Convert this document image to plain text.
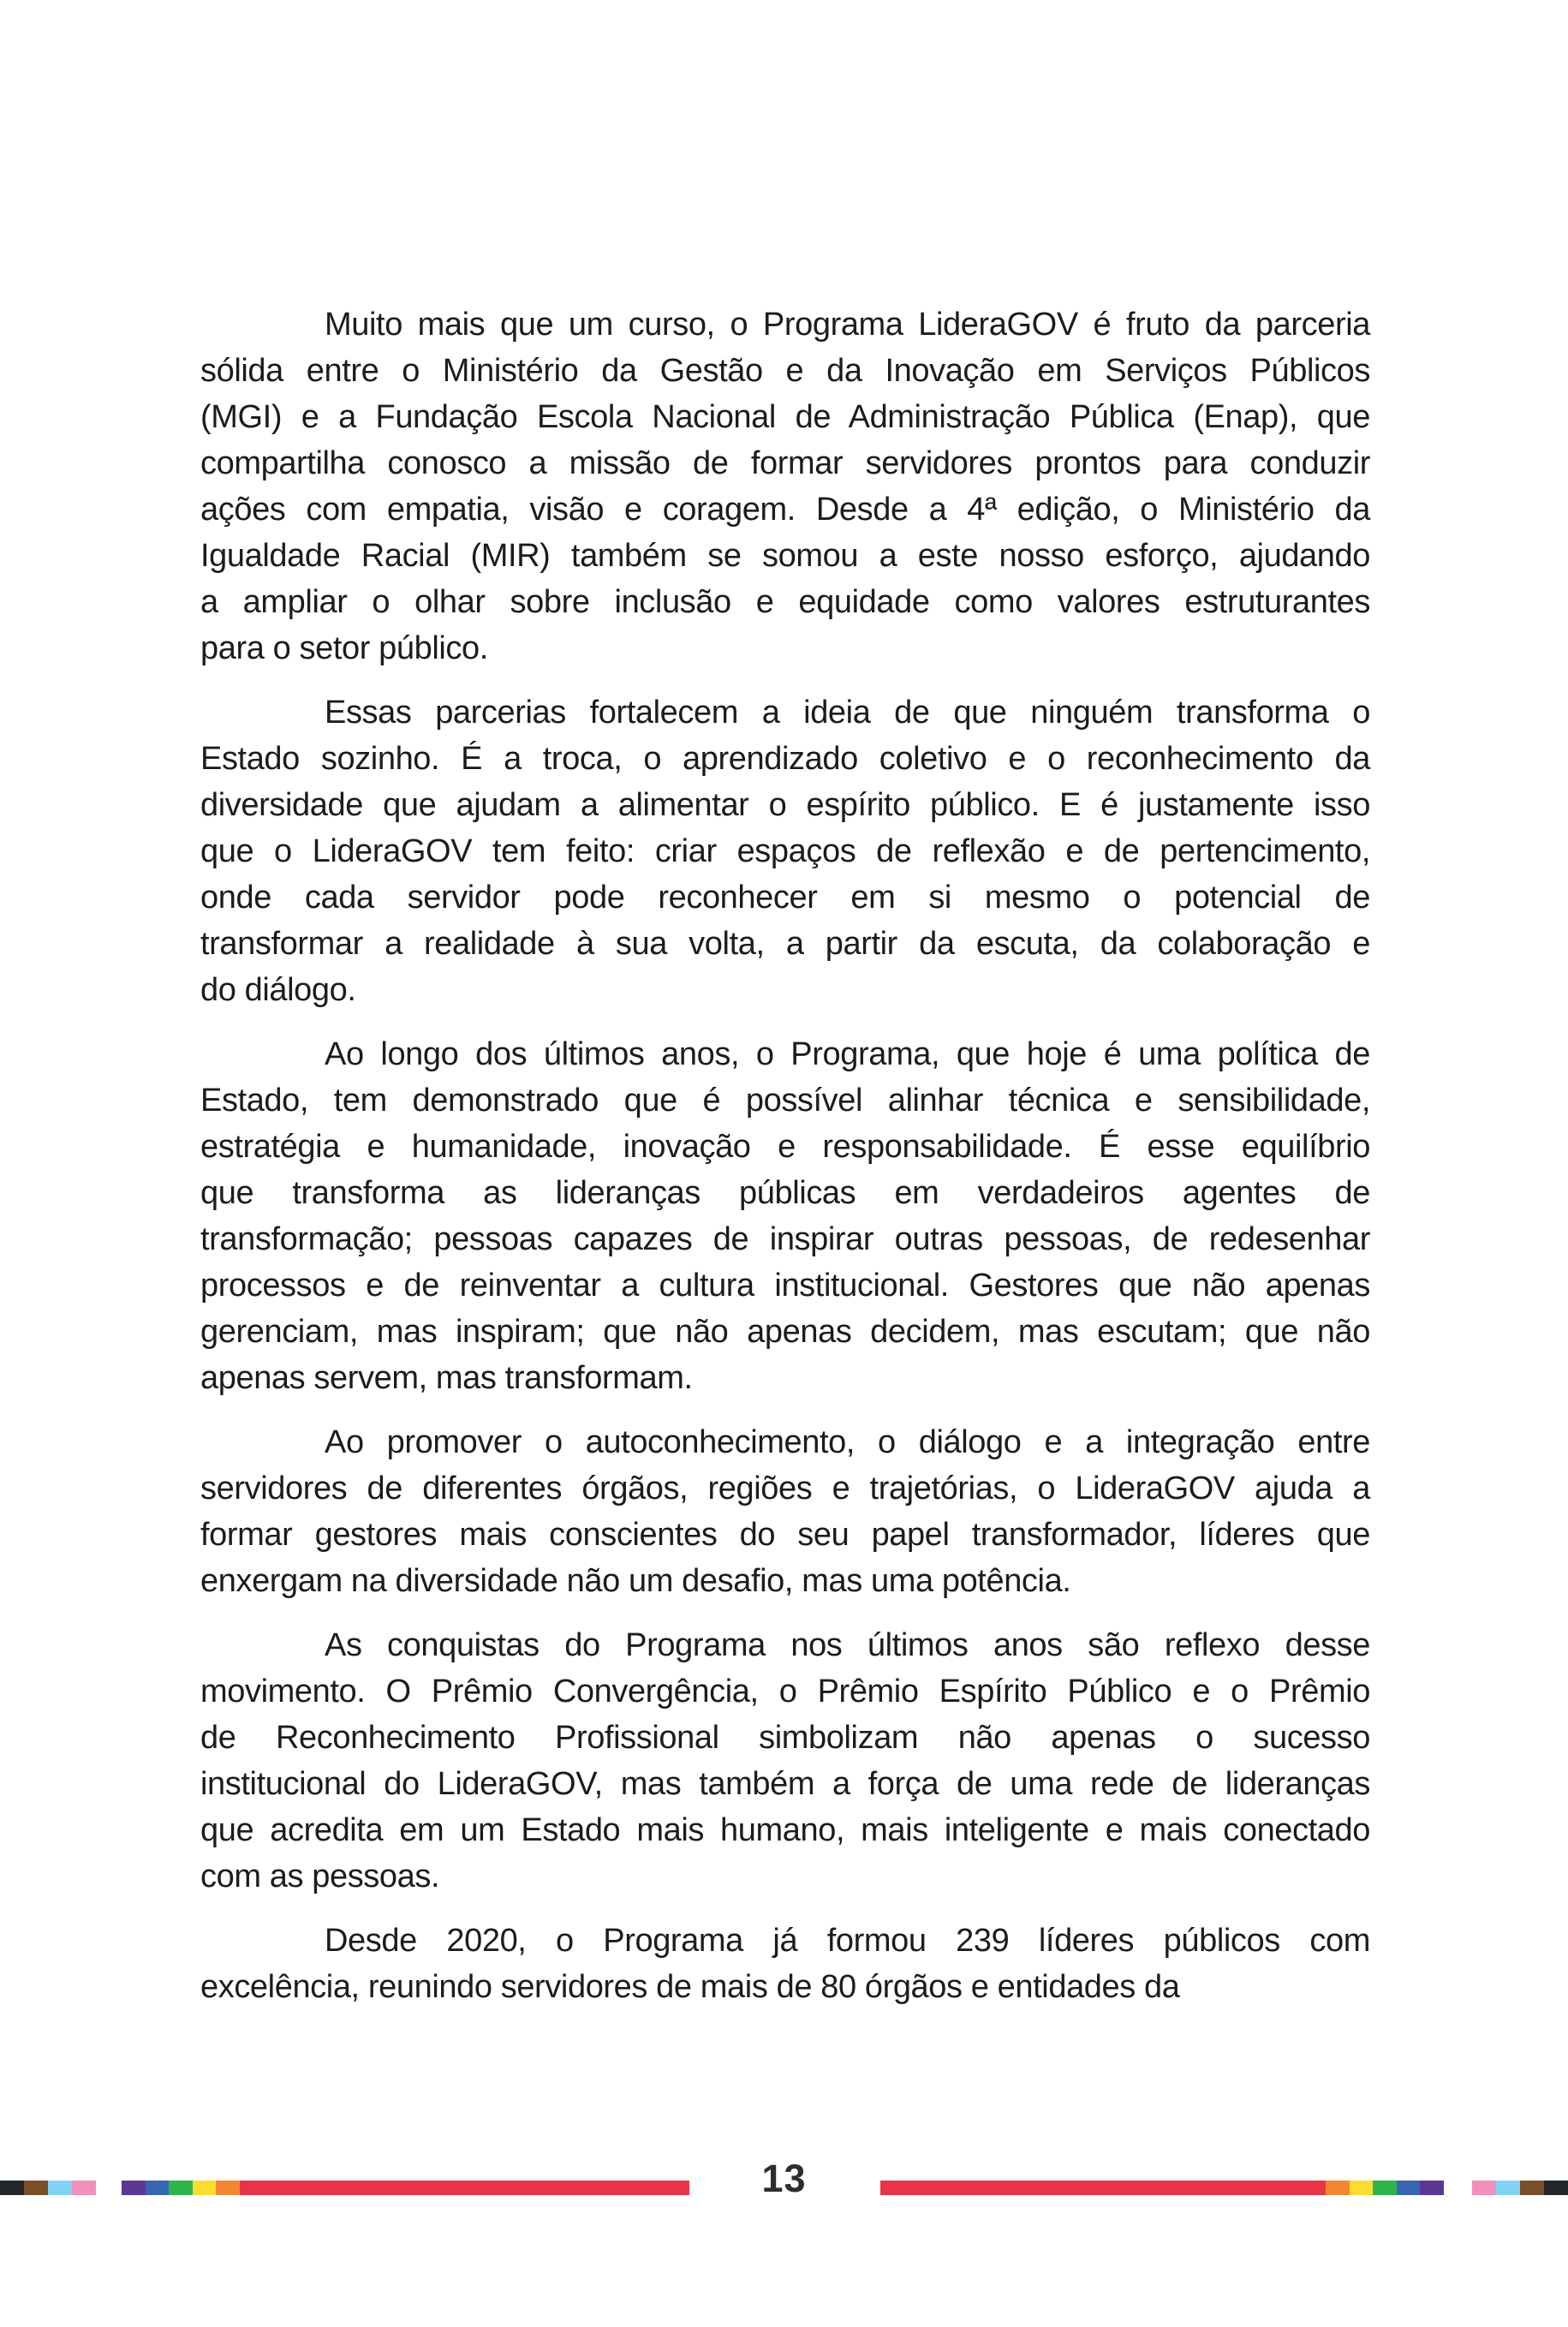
Muito mais que um curso, o Programa LideraGOV é fruto da parceria
sólida entre o Ministério da Gestão e da Inovação em Serviços Públicos
(MGI) e a Fundação Escola Nacional de Administração Pública (Enap), que
compartilha conosco a missão de formar servidores prontos para conduzir
ações com empatia, visão e coragem. Desde a 4ª edição, o Ministério da
Igualdade Racial (MIR) também se somou a este nosso esforço, ajudando
a ampliar o olhar sobre inclusão e equidade como valores estruturantes
para o setor público.

Essas parcerias fortalecem a ideia de que ninguém transforma o
Estado sozinho. É a troca, o aprendizado coletivo e o reconhecimento da
diversidade que ajudam a alimentar o espírito público. E é justamente isso
que o LideraGOV tem feito: criar espaços de reflexão e de pertencimento,
onde cada servidor pode reconhecer em si mesmo o potencial de
transformar a realidade à sua volta, a partir da escuta, da colaboração e
do diálogo.

Ao longo dos últimos anos, o Programa, que hoje é uma política de
Estado, tem demonstrado que é possível alinhar técnica e sensibilidade,
estratégia e humanidade, inovação e responsabilidade. É esse equilíbrio
que transforma as lideranças públicas em verdadeiros agentes de
transformação; pessoas capazes de inspirar outras pessoas, de redesenhar
processos e de reinventar a cultura institucional. Gestores que não apenas
gerenciam, mas inspiram; que não apenas decidem, mas escutam; que não
apenas servem, mas transformam.

Ao promover o autoconhecimento, o diálogo e a integração entre
servidores de diferentes órgãos, regiões e trajetórias, o LideraGOV ajuda a
formar gestores mais conscientes do seu papel transformador, líderes que
enxergam na diversidade não um desafio, mas uma potência.

As conquistas do Programa nos últimos anos são reflexo desse
movimento. O Prêmio Convergência, o Prêmio Espírito Público e o Prêmio
de Reconhecimento Profissional simbolizam não apenas o sucesso
institucional do LideraGOV, mas também a força de uma rede de lideranças
que acredita em um Estado mais humano, mais inteligente e mais conectado
com as pessoas.

Desde 2020, o Programa já formou 239 líderes públicos com
excelência, reunindo servidores de mais de 80 órgãos e entidades da

13
